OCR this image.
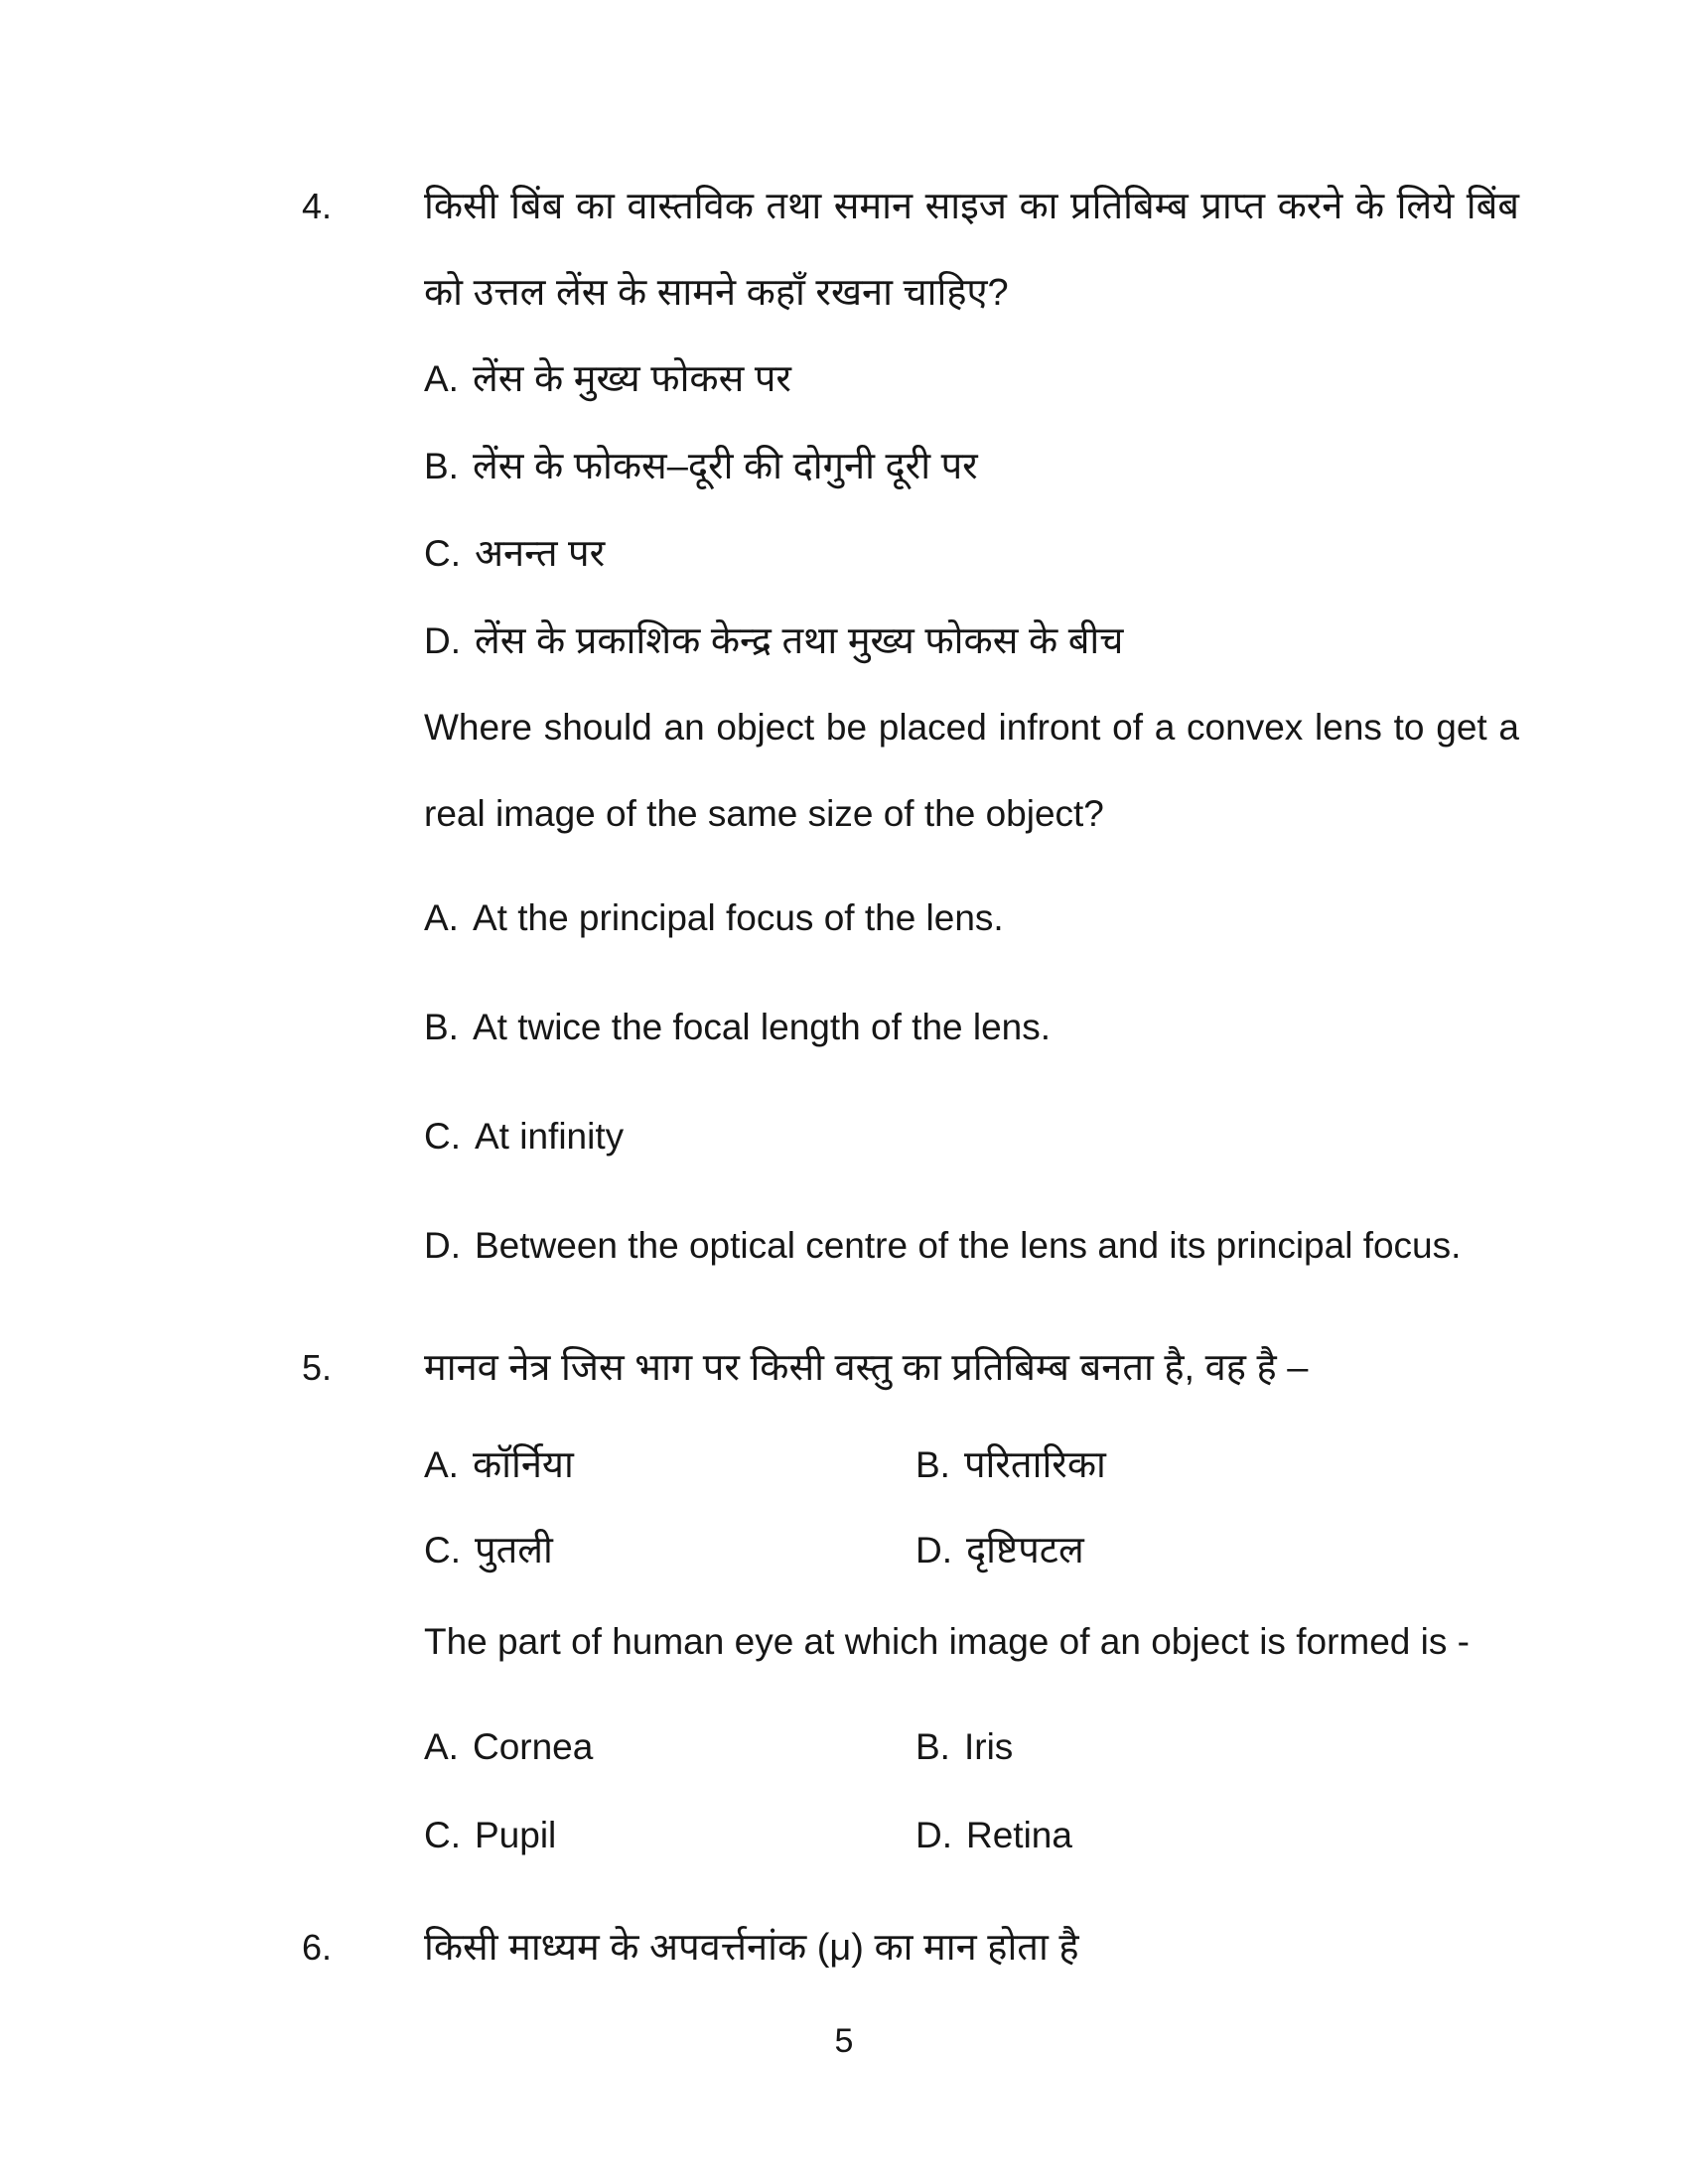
4.	किसी बिंब का वास्तविक तथा समान साइज का प्रतिबिम्ब प्राप्त करने के लिये बिंब
को उत्तल लेंस के सामने कहाँ रखना चाहिए?
A. लेंस के मुख्य फोकस पर
B. लेंस के फोकस–दूरी की दोगुनी दूरी पर
C. अनन्त पर
D. लेंस के प्रकाशिक केन्द्र तथा मुख्य फोकस के बीच
Where should an object be placed infront of a convex lens to get a
real image of the same size of the object?
A. At the principal focus of the lens.
B. At twice the focal length of the lens.
C. At infinity
D. Between the optical centre of the lens and its principal focus.
5.	मानव नेत्र जिस भाग पर किसी वस्तु का प्रतिबिम्ब बनता है, वह है –
A. कॉर्निया	B. परितारिका
C. पुतली	D. दृष्टिपटल
The part of human eye at which image of an object is formed is -
A. Cornea	B. Iris
C. Pupil	D. Retina
6.	किसी माध्यम के अपवर्त्तनांक (μ) का मान होता है
5
